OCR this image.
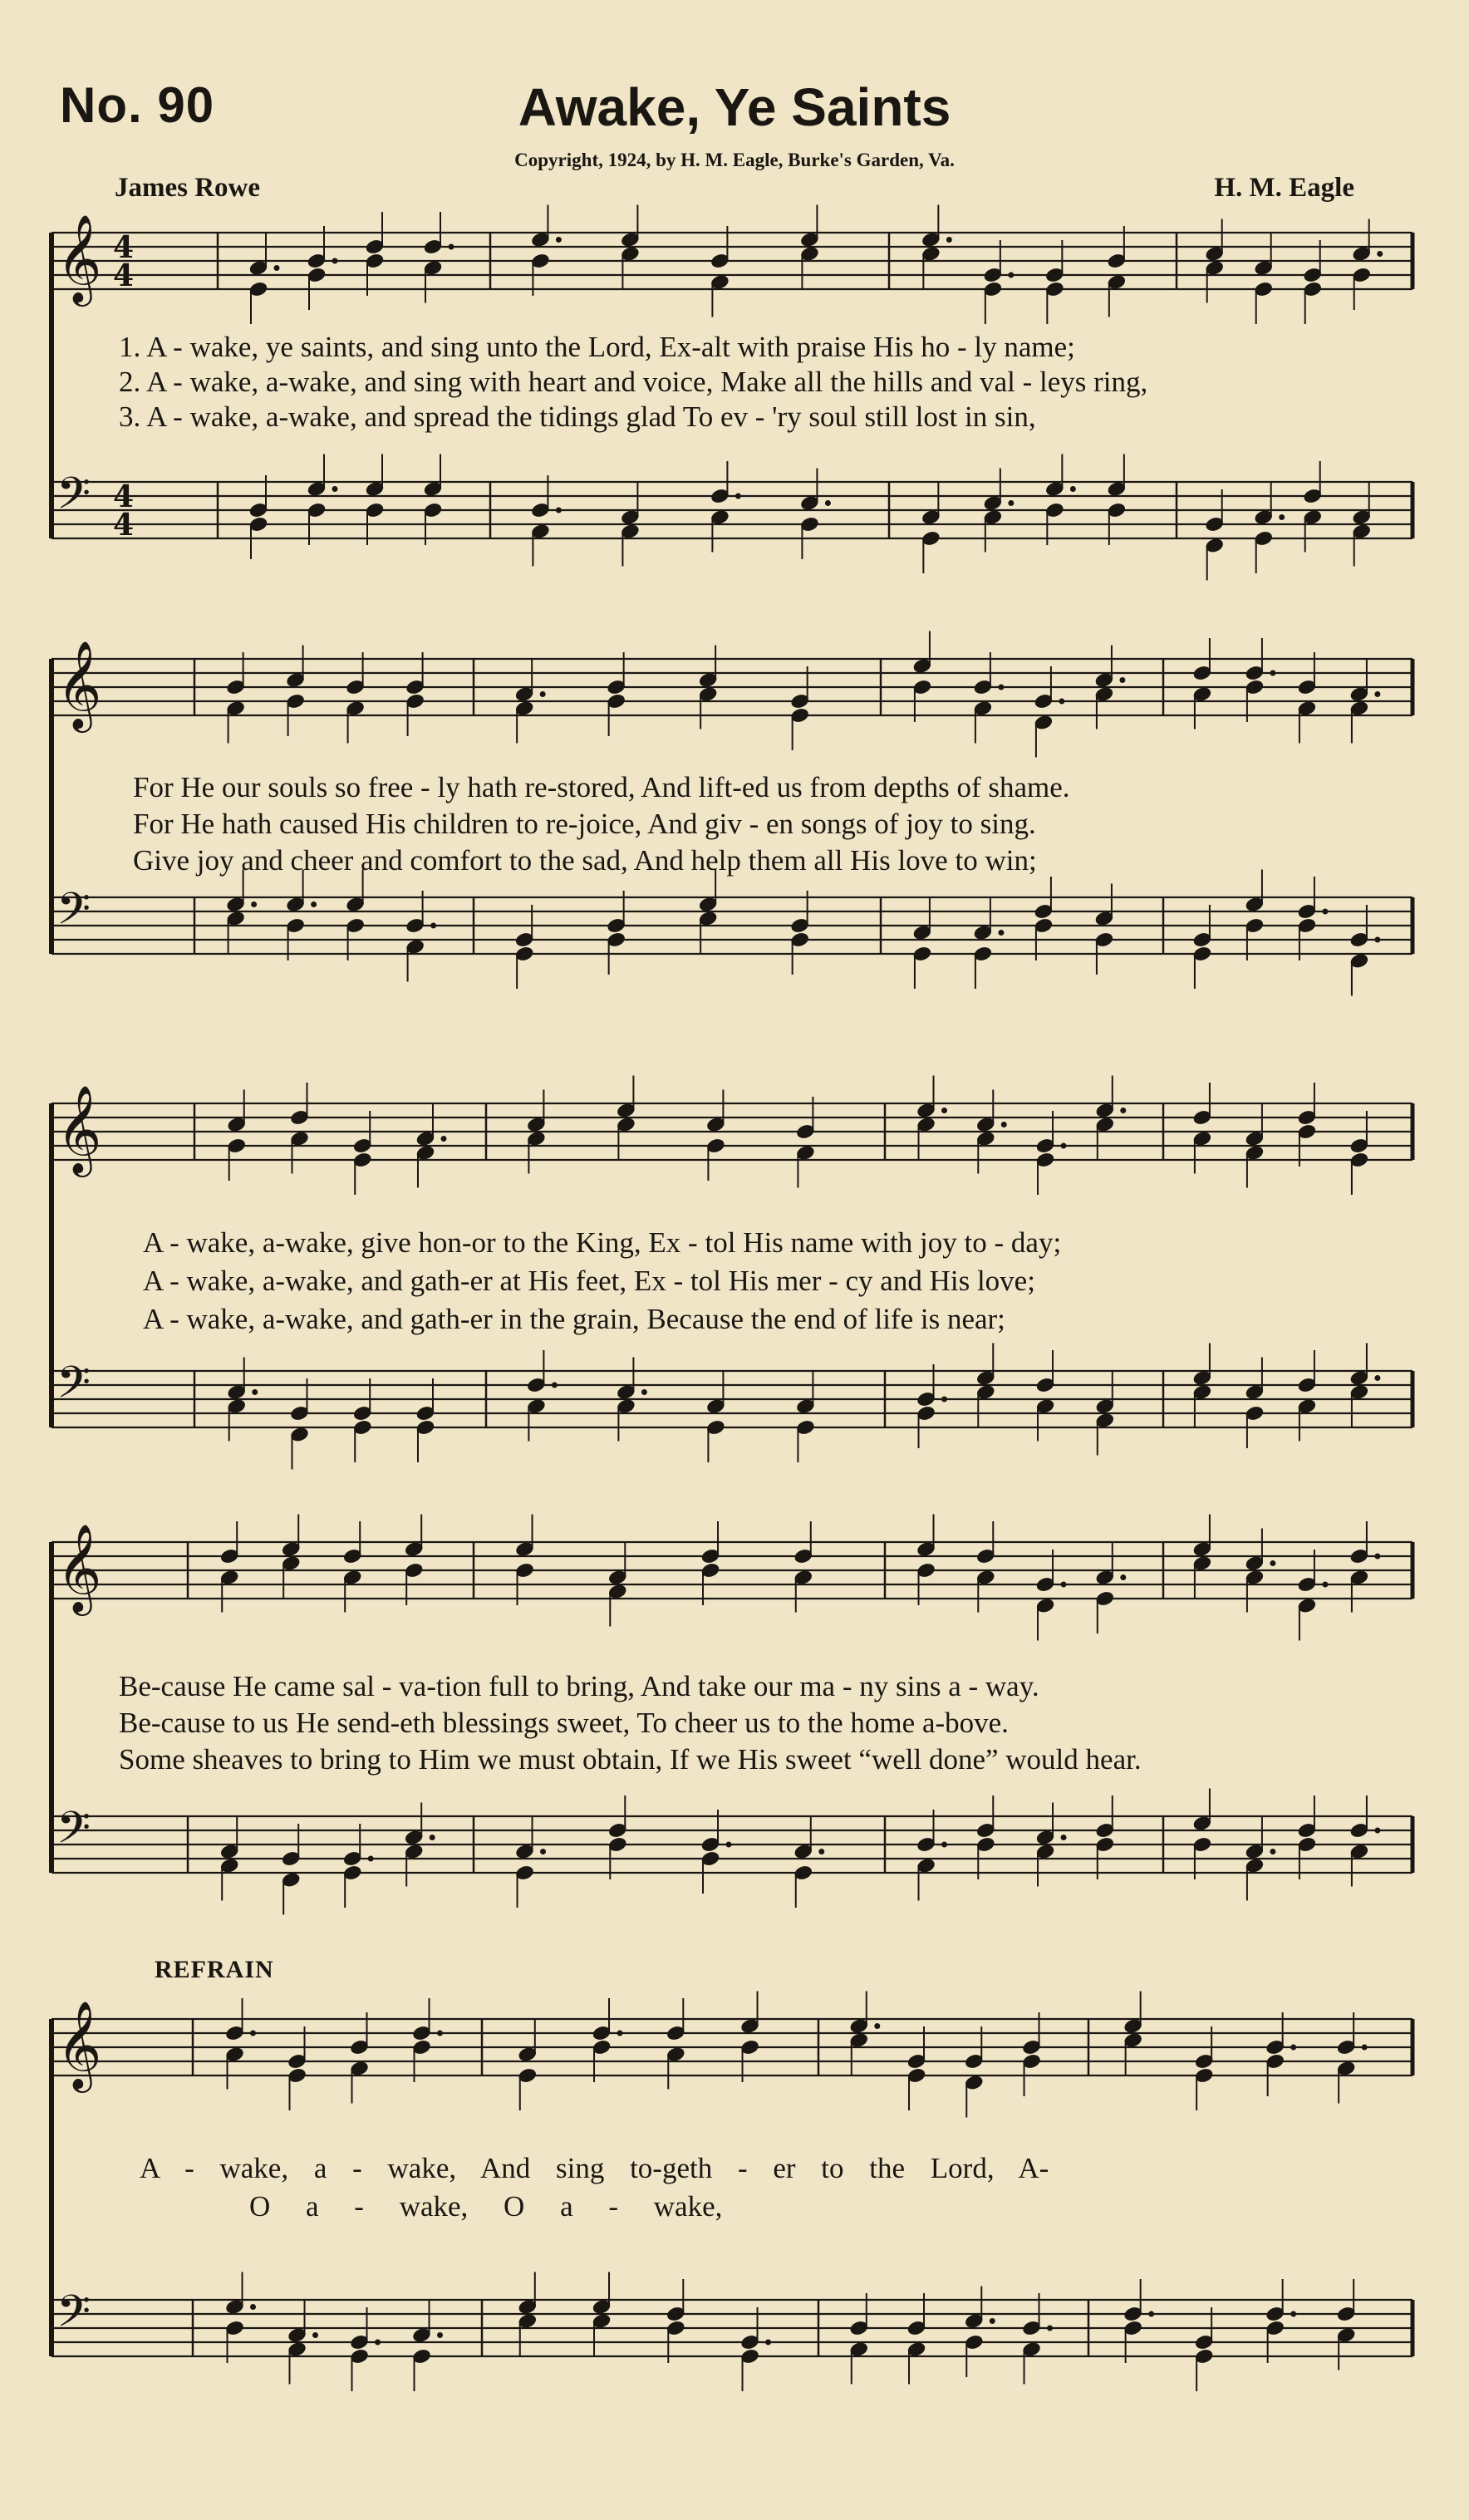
No. 90	Awake, Ye Saints
Copyright, 1924, by H. M. Eagle, Burke's Garden, Va.
James Rowe	H. M. Eagle
𝄞 4
4
𝄢 4
4
1. A - wake, ye saints, and sing unto the Lord, Ex-alt with praise His ho - ly name;
2. A - wake, a-wake, and sing with heart and voice, Make all the hills and val - leys ring,
3. A - wake, a-wake, and spread the tidings glad To ev - 'ry soul still lost in sin,
𝄞
𝄢
For He our souls so free - ly hath re-stored, And lift-ed us from depths of shame.
For He hath caused His children to re-joice, And giv - en songs of joy to sing.
Give joy and cheer and comfort to the sad, And help them all His love to win;
𝄞
𝄢
A - wake, a-wake, give hon-or to the King, Ex - tol His name with joy to - day;
A - wake, a-wake, and gath-er at His feet, Ex - tol His mer - cy and His love;
A - wake, a-wake, and gath-er in the grain, Because the end of life is near;
𝄞
𝄢
Be-cause He came sal - va-tion full to bring, And take our ma - ny sins a - way.
Be-cause to us He send-eth blessings sweet, To cheer us to the home a-bove.
Some sheaves to bring to Him we must obtain, If we His sweet “well done” would hear.
REFRAIN
𝄞
𝄢
A - wake, a - wake, And sing to-geth - er to the Lord, A-
O a - wake, O a - wake,
